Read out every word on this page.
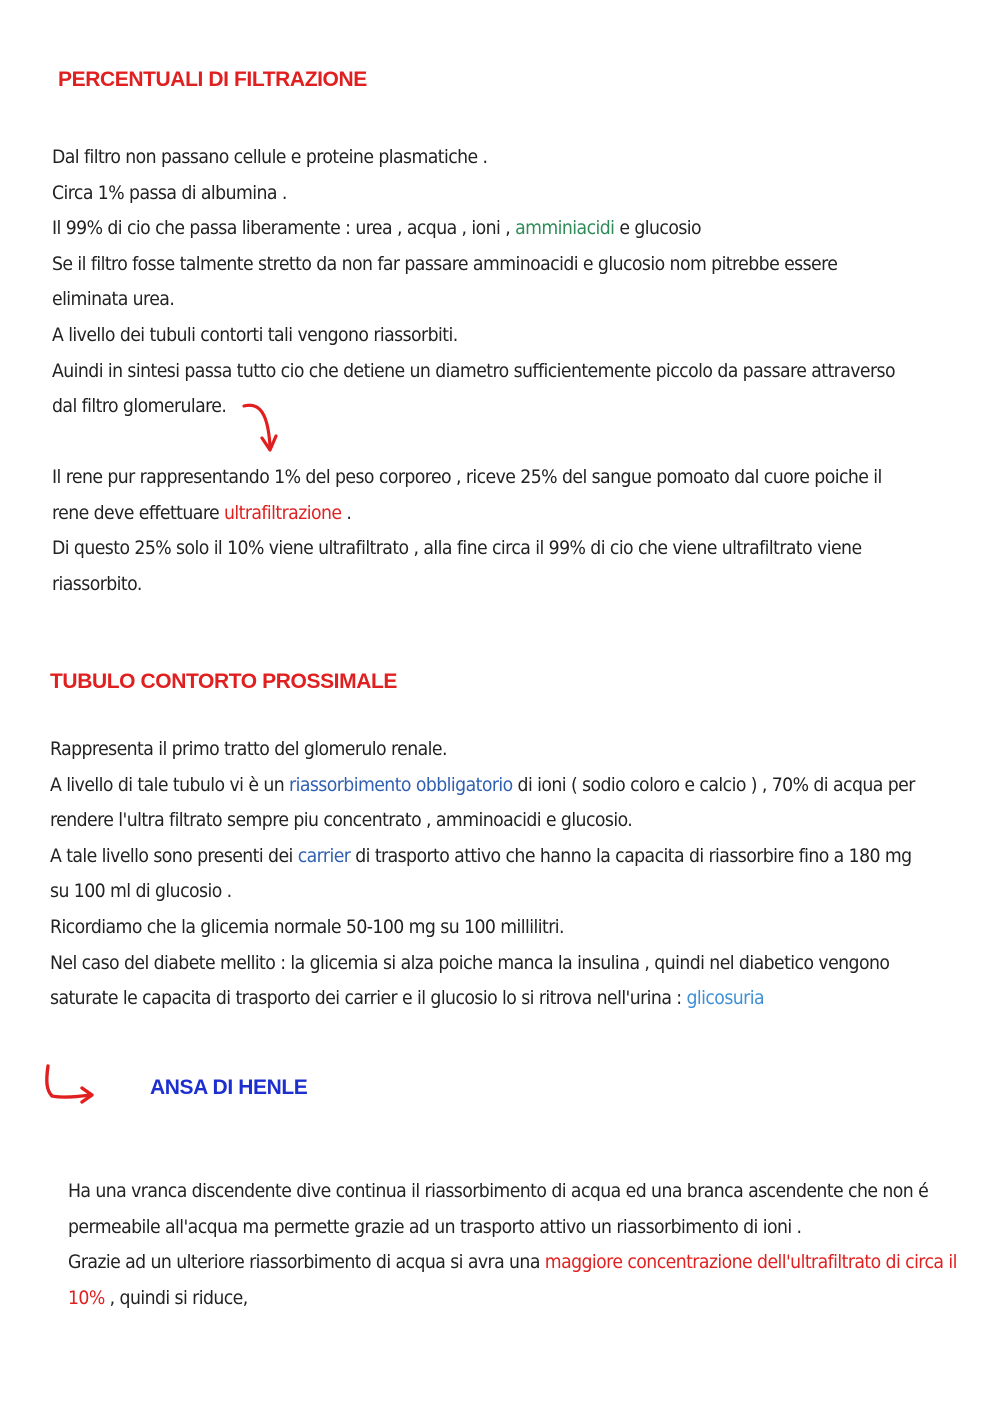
PERCENTUALI DI FILTRAZIONE
Dal filtro non passano cellule e proteine plasmatiche .
Circa 1% passa di albumina .
Il 99% di cio che passa liberamente : urea , acqua , ioni , amminiacidi e glucosio
Se il filtro fosse talmente stretto da non far passare amminoacidi e glucosio nom pitrebbe essere
eliminata urea.
A livello dei tubuli contorti tali vengono riassorbiti.
Auindi in sintesi passa tutto cio che detiene un diametro sufficientemente piccolo da passare attraverso
dal filtro glomerulare.
Il rene pur rappresentando 1% del peso corporeo , riceve 25% del sangue pomoato dal cuore poiche il
rene deve effettuare ultrafiltrazione .
Di questo 25% solo il 10% viene ultrafiltrato , alla fine circa il 99% di cio che viene ultrafiltrato viene
riassorbito.
TUBULO CONTORTO PROSSIMALE
Rappresenta il primo tratto del glomerulo renale.
A livello di tale tubulo vi è un riassorbimento obbligatorio di ioni ( sodio coloro e calcio ) , 70% di acqua per
rendere l'ultra filtrato sempre piu concentrato , amminoacidi e glucosio.
A tale livello sono presenti dei carrier di trasporto attivo che hanno la capacita di riassorbire fino a 180 mg
su 100 ml di glucosio .
Ricordiamo che la glicemia normale 50-100 mg su 100 millilitri.
Nel caso del diabete mellito : la glicemia si alza poiche manca la insulina , quindi nel diabetico vengono
saturate le capacita di trasporto dei carrier e il glucosio lo si ritrova nell'urina : glicosuria
ANSA DI HENLE
Ha una vranca discendente dive continua il riassorbimento di acqua ed una branca ascendente che non é
permeabile all'acqua ma permette grazie ad un trasporto attivo un riassorbimento di ioni .
Grazie ad un ulteriore riassorbimento di acqua si avra una maggiore concentrazione dell'ultrafiltrato di circa il
10% , quindi si riduce,
